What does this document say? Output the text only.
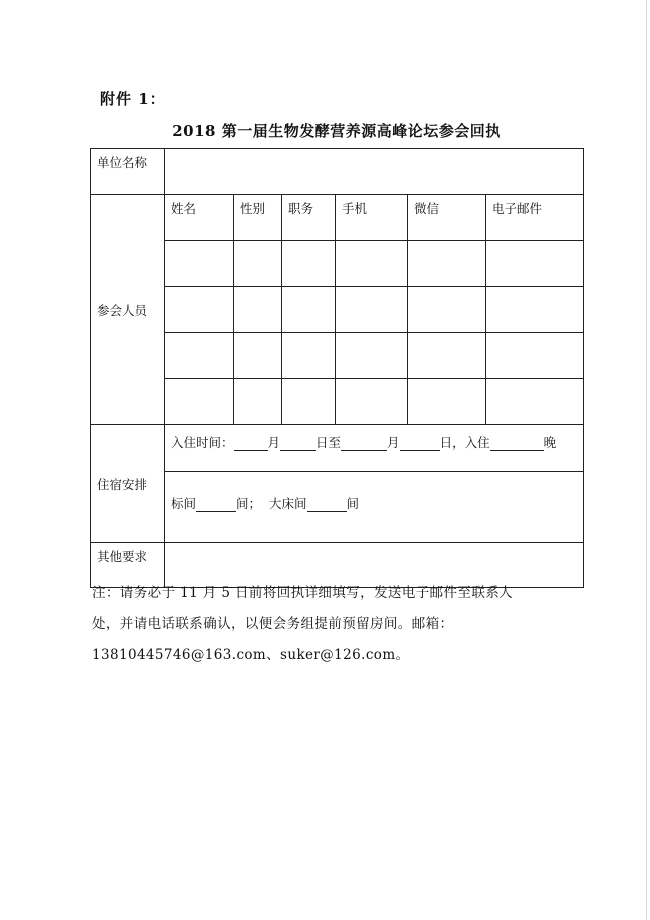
附件 1：
2018 第一届生物发酵营养源高峰论坛参会回执
单位名称						

参会人员	姓名	性别	职务	手机	微信	电子邮件

住宿安排	入住时间： 月 日至 月 日，入住 晚					

	标间 间； 大床间 间					

其他要求						

注：请务必于 11 月 5 日前将回执详细填写，发送电子邮件至联系人

处，并请电话联系确认，以便会务组提前预留房间。邮箱：

13810445746@163.com、suker@126.com。
